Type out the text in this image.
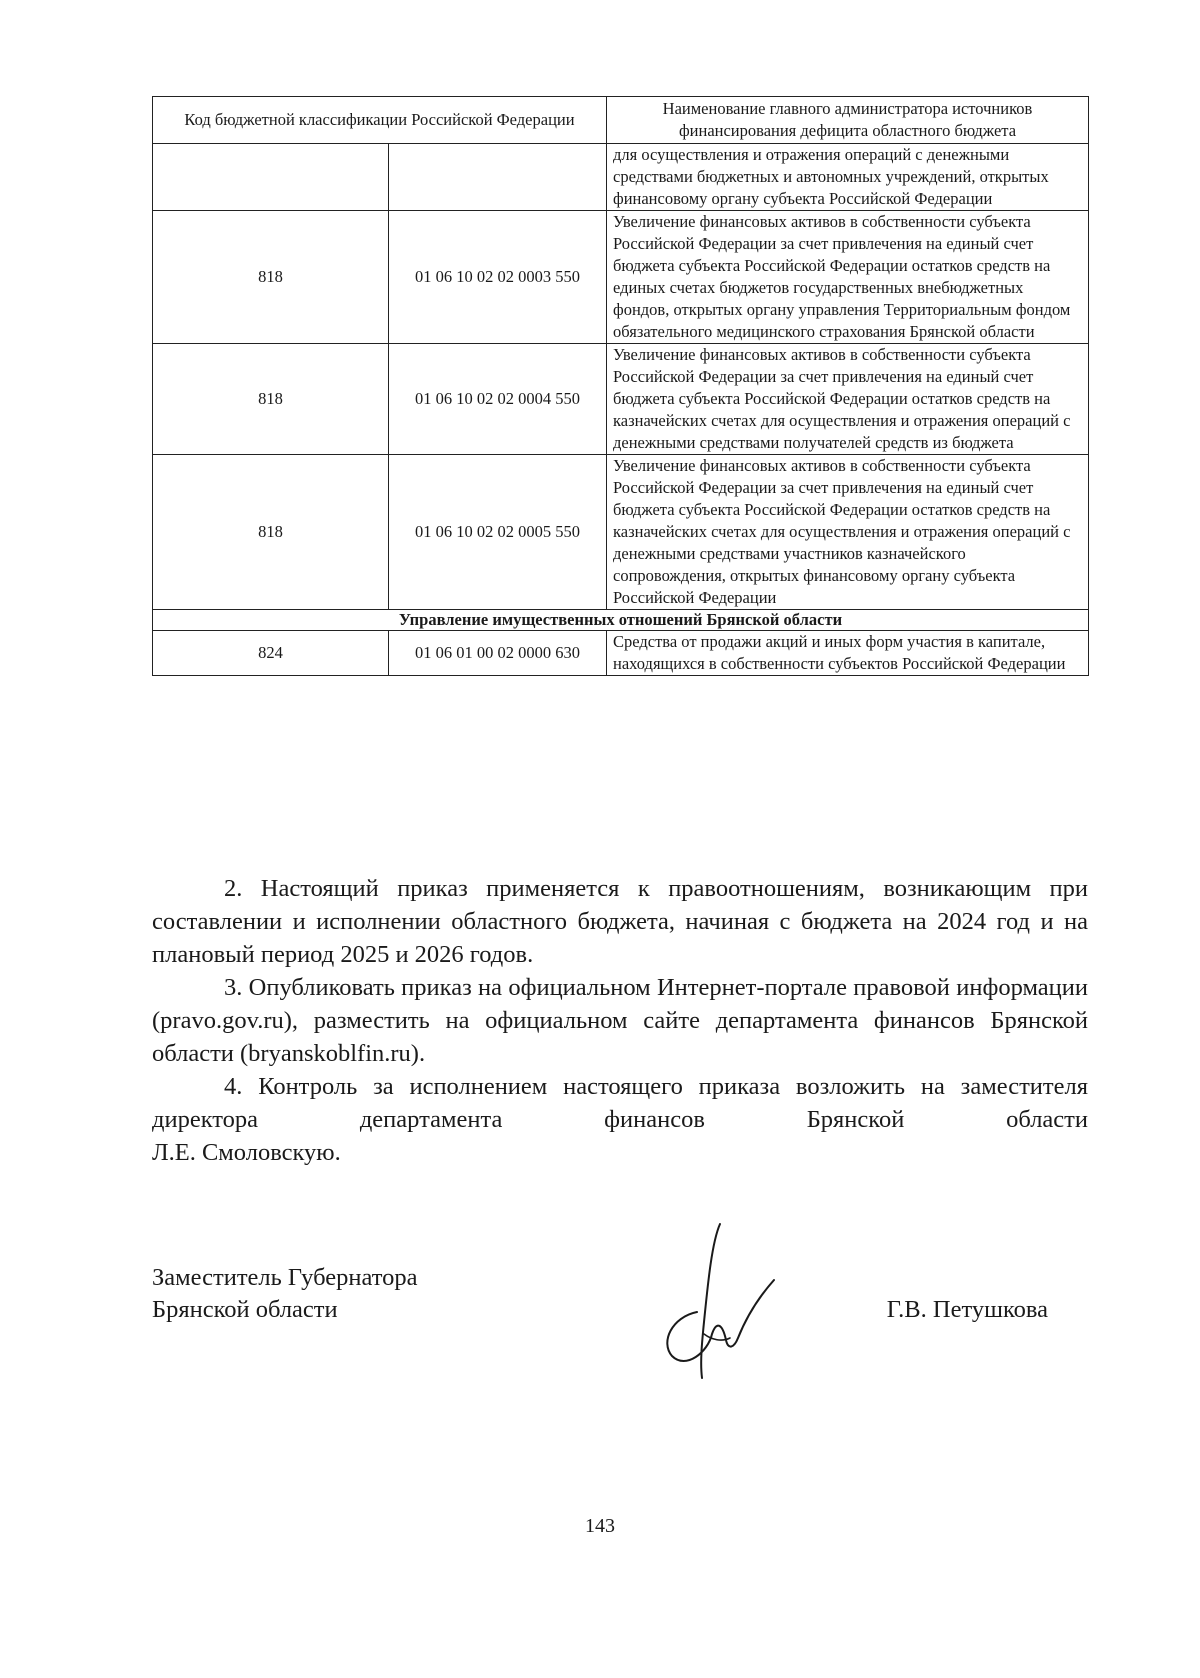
Код бюджетной классификации Российской Федерации		Наименование главного администратора источников финансирования дефицита областного бюджета
		для осуществления и отражения операций с денежными средствами бюджетных и автономных учреждений, открытых финансовому органу субъекта Российской Федерации
818	01 06 10 02 02 0003 550	Увеличение финансовых активов в собственности субъекта Российской Федерации за счет привлечения на единый счет бюджета субъекта Российской Федерации остатков средств на единых счетах бюджетов государственных внебюджетных фондов, открытых органу управления Территориальным фондом обязательного медицинского страхования Брянской области
818	01 06 10 02 02 0004 550	Увеличение финансовых активов в собственности субъекта Российской Федерации за счет привлечения на единый счет бюджета субъекта Российской Федерации остатков средств на казначейских счетах для осуществления и отражения операций с денежными средствами получателей средств из бюджета
818	01 06 10 02 02 0005 550	Увеличение финансовых активов в собственности субъекта Российской Федерации за счет привлечения на единый счет бюджета субъекта Российской Федерации остатков средств на казначейских счетах для осуществления и отражения операций с денежными средствами участников казначейского сопровождения, открытых финансовому органу субъекта Российской Федерации
Управление имущественных отношений Брянской области		
824	01 06 01 00 02 0000 630	Средства от продажи акций и иных форм участия в капитале, находящихся в собственности субъектов Российской Федерации

2. Настоящий приказ применяется к правоотношениям, возникающим при составлении и исполнении областного бюджета, начиная с бюджета на 2024 год и на плановый период 2025 и 2026 годов.

3. Опубликовать приказ на официальном Интернет-портале правовой информации (pravo.gov.ru), разместить на официальном сайте департамента финансов Брянской области (bryanskoblfin.ru).

4. Контроль за исполнением настоящего приказа возложить на заместителя директора департамента финансов Брянской области

Л.Е. Смоловскую.

Заместитель Губернатора
Брянской области	Г.В. Петушкова
143
